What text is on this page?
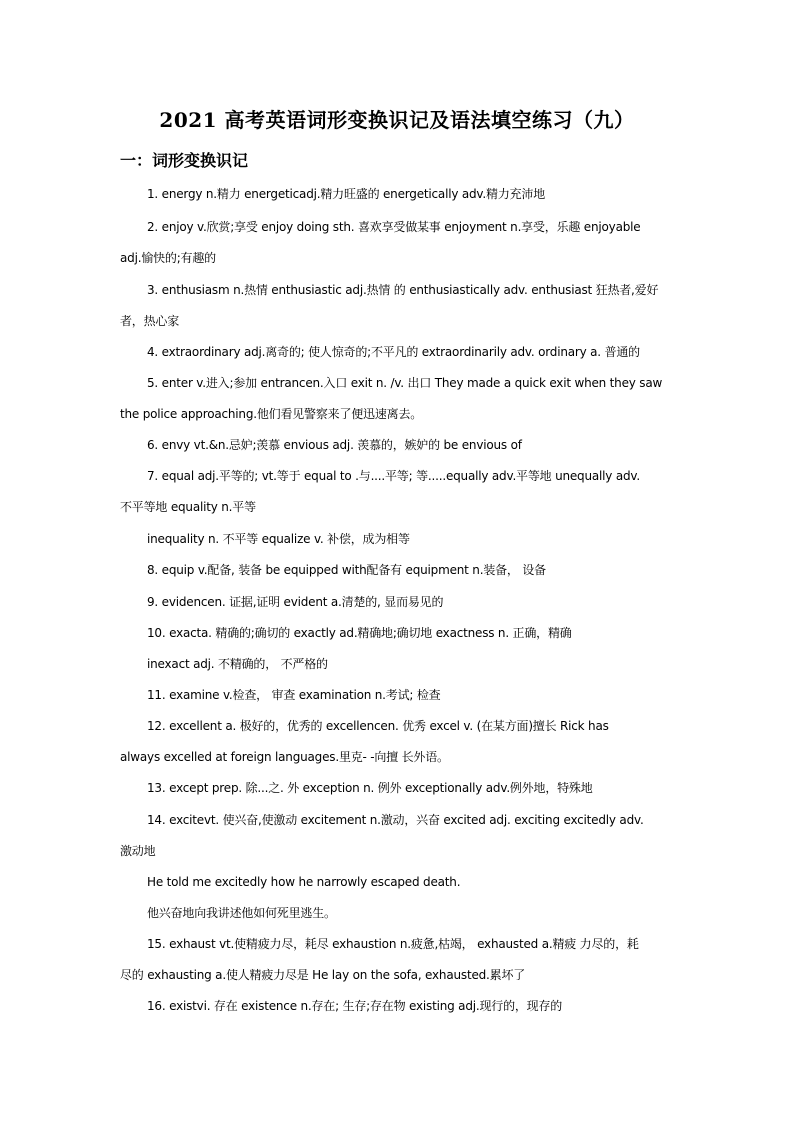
2021 高考英语词形变换识记及语法填空练习（九）
一：词形变换识记
1. energy n.精力 energeticadj.精力旺盛的 energetically adv.精力充沛地
2. enjoy v.欣赏;享受 enjoy doing sth. 喜欢享受做某事 enjoyment n.享受，乐趣 enjoyable
adj.愉快的;有趣的
3. enthusiasm n.热情 enthusiastic adj.热情 的 enthusiastically adv. enthusiast 狂热者,爱好
者，热心家
4. extraordinary adj.离奇的; 使人惊奇的;不平凡的 extraordinarily adv. ordinary a. 普通的
5. enter v.进入;参加 entrancen.入口 exit n. /v. 出口 They made a quick exit when they saw
the police approaching.他们看见警察来了便迅速离去。
6. envy vt.&n.忌妒;羡慕 envious adj. 羡慕的，嫉妒的 be envious of
7. equal adj.平等的; vt.等于 equal to .与....平等; 等.....equally adv.平等地 unequally adv.
不平等地 equality n.平等
inequality n. 不平等 equalize v. 补偿，成为相等
8. equip v.配备, 装备 be equipped with配备有 equipment n.装备， 设备
9. evidencen. 证据,证明 evident a.清楚的, 显而易见的
10. exacta. 精确的;确切的 exactly ad.精确地;确切地 exactness n. 正确，精确
inexact adj. 不精确的， 不严格的
11. examine v.检查， 审查 examination n.考试; 检查
12. excellent a. 极好的，优秀的 excellencen. 优秀 excel v. (在某方面)擅长 Rick has
always excelled at foreign languages.里克- -向擅 长外语。
13. except prep. 除...之. 外 exception n. 例外 exceptionally adv.例外地，特殊地
14. excitevt. 使兴奋,使激动 excitement n.激动，兴奋 excited adj. exciting excitedly adv.
激动地
He told me excitedly how he narrowly escaped death.
他兴奋地向我讲述他如何死里逃生。
15. exhaust vt.使精疲力尽，耗尽 exhaustion n.疲惫,枯竭， exhausted a.精疲 力尽的，耗
尽的 exhausting a.使人精疲力尽是 He lay on the sofa, exhausted.累坏了
16. existvi. 存在 existence n.存在; 生存;存在物 existing adj.现行的，现存的
